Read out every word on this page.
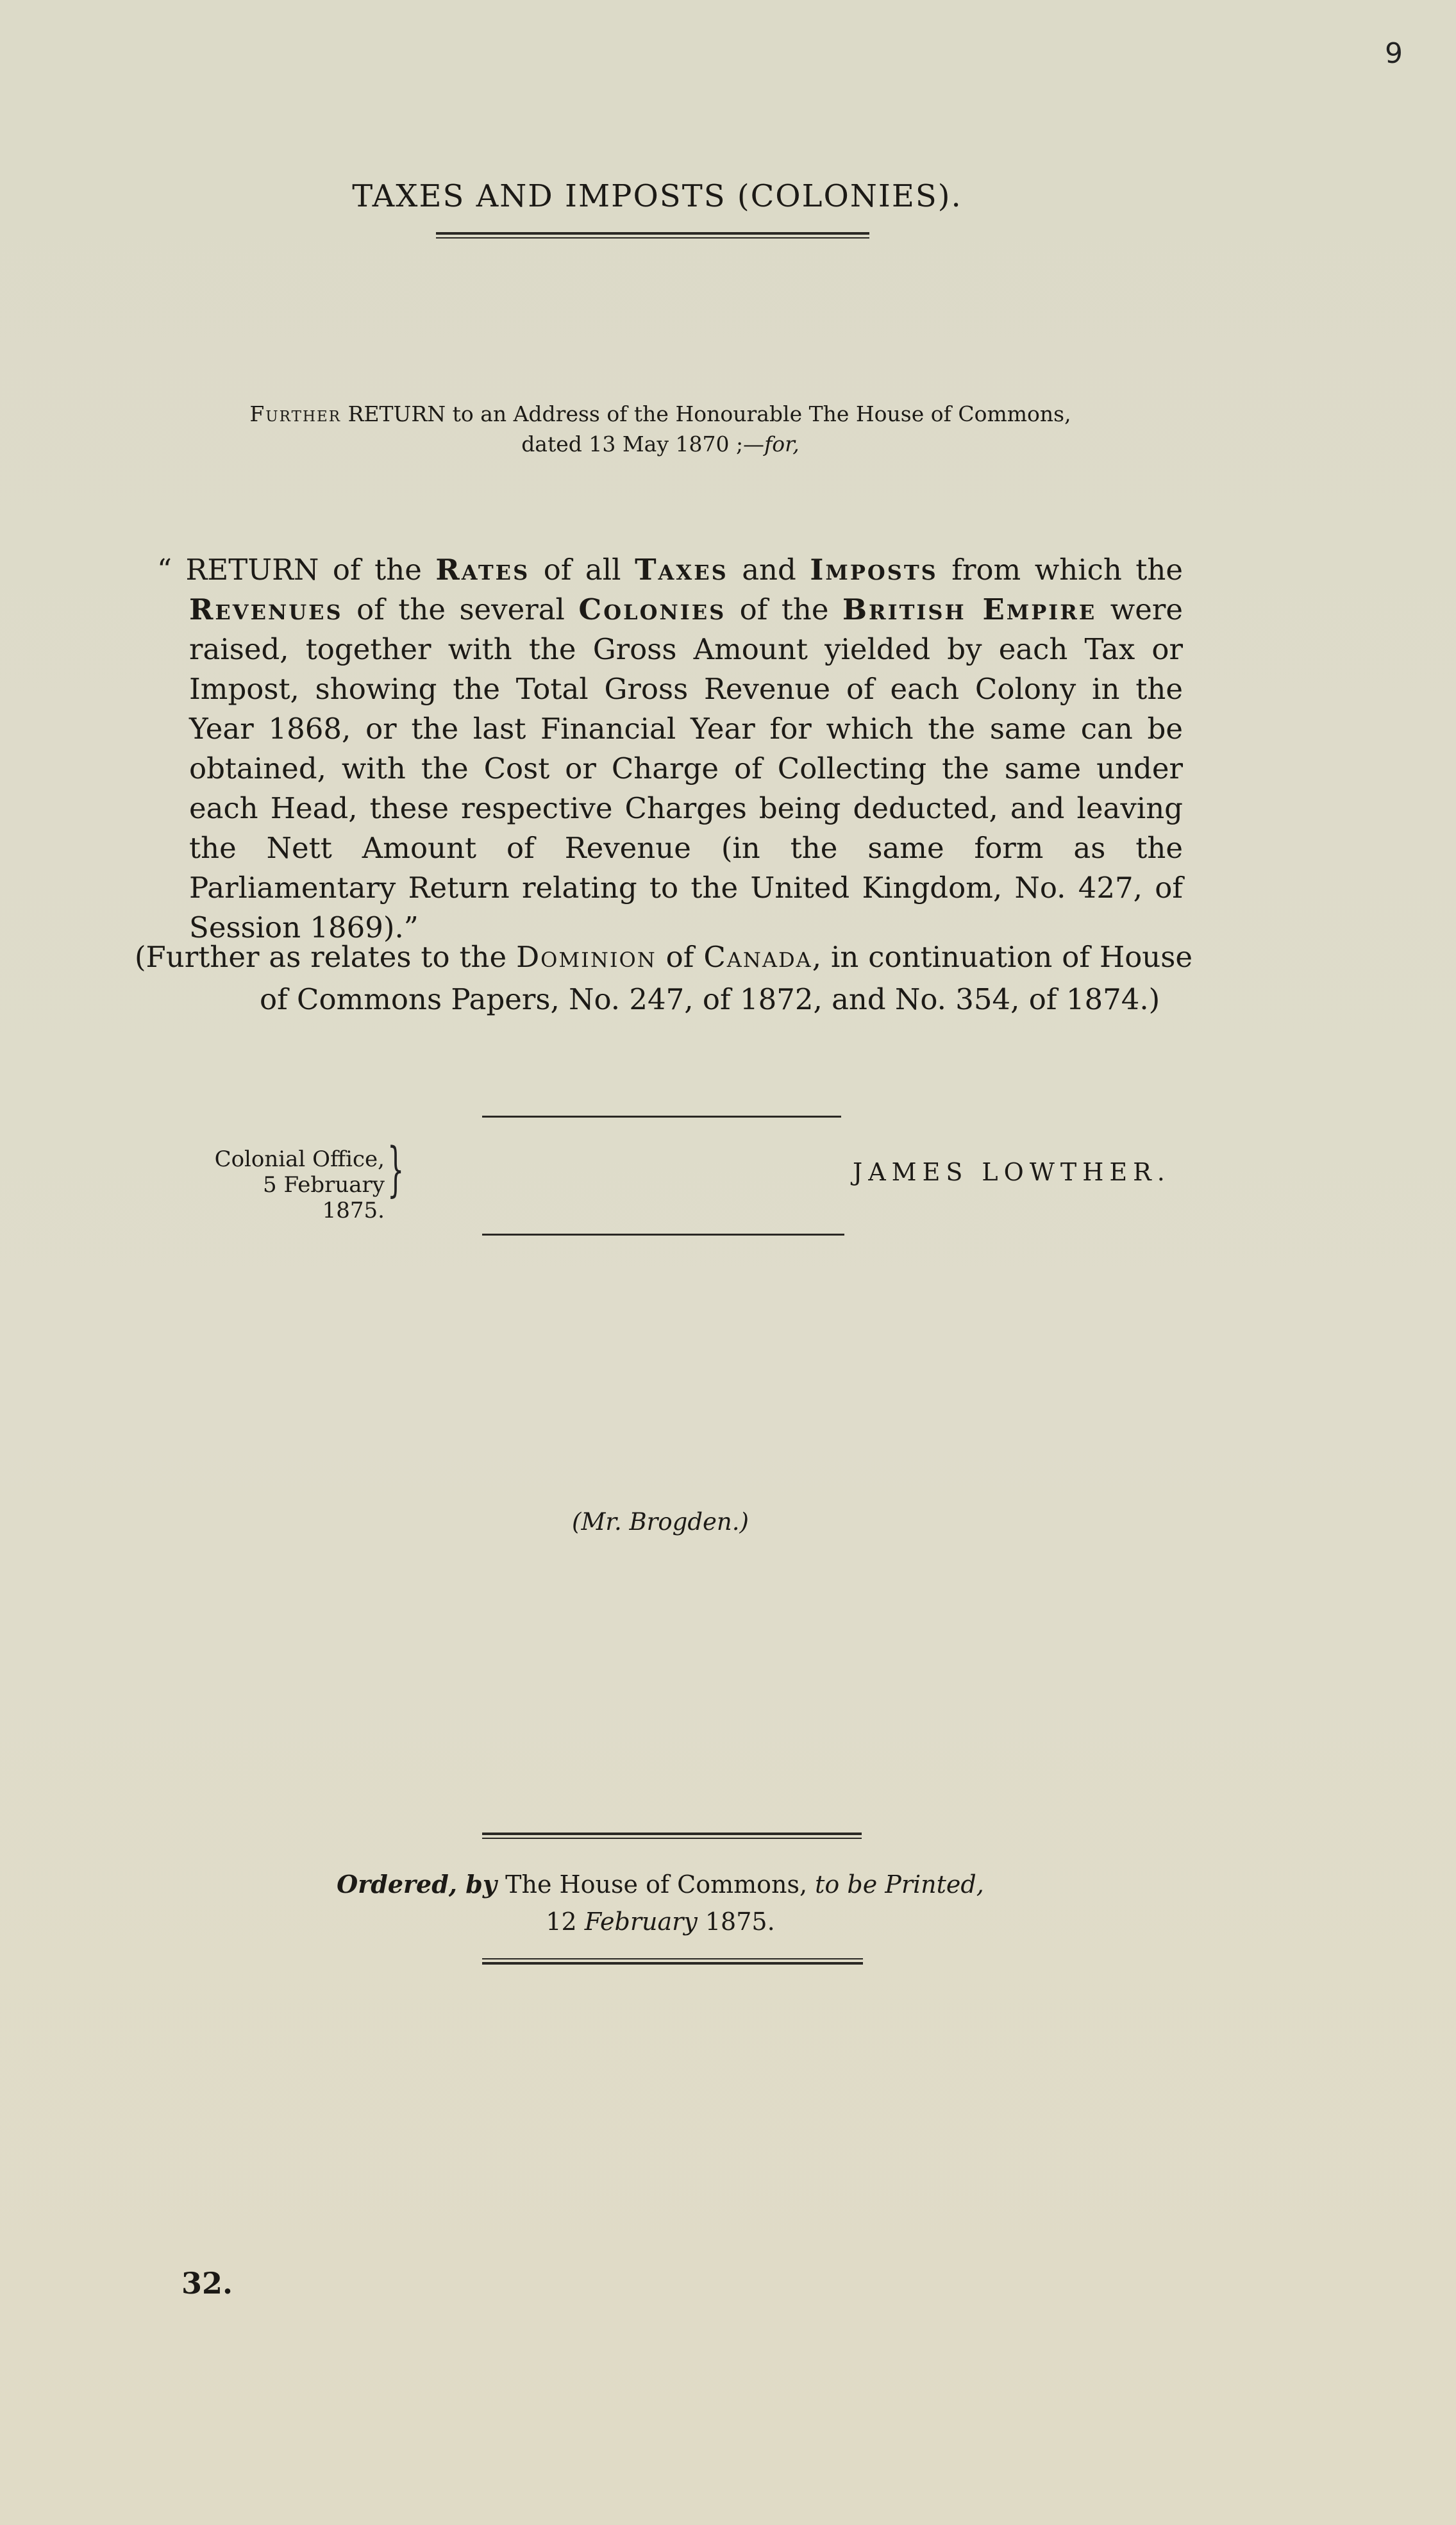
9
TAXES AND IMPOSTS (COLONIES).
Further RETURN to an Address of the Honourable The House of Commons,
dated 13 May 1870 ;—for,
“ RETURN of the Rates of all Taxes and Imposts from which the Revenues of the several Colonies of the British Empire were raised, together with the Gross Amount yielded by each Tax or Impost, showing the Total Gross Revenue of each Colony in the Year 1868, or the last Financial Year for which the same can be obtained, with the Cost or Charge of Collecting the same under each Head, these respective Charges being deducted, and leaving the Nett Amount of Revenue (in the same form as the Parliamentary Return relating to the United Kingdom, No. 427, of Session 1869).”
(Further as relates to the Dominion of Canada, in continuation of House of Commons Papers, No. 247, of 1872, and No. 354, of 1874.)
Colonial Office,
5 February 1875.
}	JAMES LOWTHER.
(Mr. Brogden.)
Ordered, by The House of Commons, to be Printed,
12 February 1875.
32.
